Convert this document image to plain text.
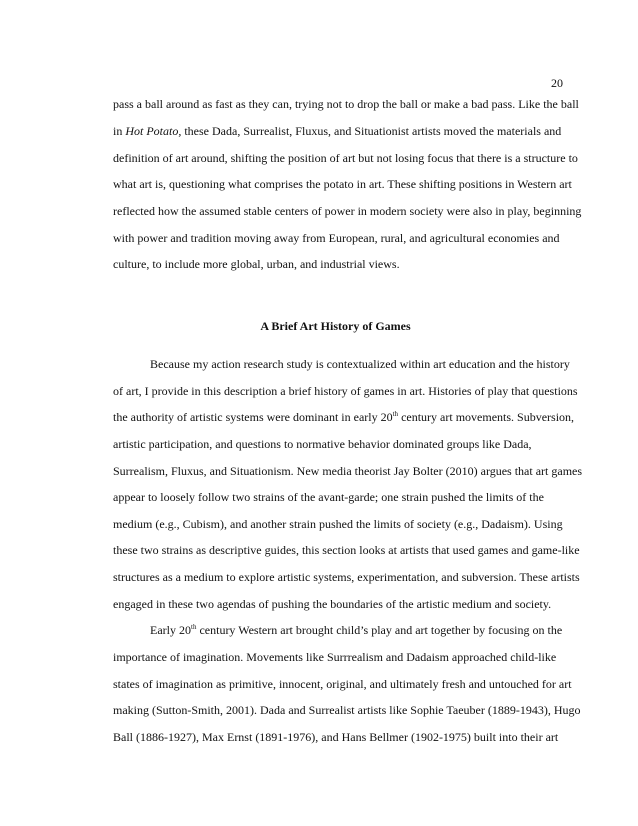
20
pass a ball around as fast as they can, trying not to drop the ball or make a bad pass. Like the ball
in Hot Potato, these Dada, Surrealist, Fluxus, and Situationist artists moved the materials and
definition of art around, shifting the position of art but not losing focus that there is a structure to
what art is, questioning what comprises the potato in art. These shifting positions in Western art
reflected how the assumed stable centers of power in modern society were also in play, beginning
with power and tradition moving away from European, rural, and agricultural economies and
culture, to include more global, urban, and industrial views.
A Brief Art History of Games
Because my action research study is contextualized within art education and the history
of art, I provide in this description a brief history of games in art. Histories of play that questions
the authority of artistic systems were dominant in early 20th century art movements. Subversion,
artistic participation, and questions to normative behavior dominated groups like Dada,
Surrealism, Fluxus, and Situationism. New media theorist Jay Bolter (2010) argues that art games
appear to loosely follow two strains of the avant-garde; one strain pushed the limits of the
medium (e.g., Cubism), and another strain pushed the limits of society (e.g., Dadaism). Using
these two strains as descriptive guides, this section looks at artists that used games and game-like
structures as a medium to explore artistic systems, experimentation, and subversion. These artists
engaged in these two agendas of pushing the boundaries of the artistic medium and society.
Early 20th century Western art brought child’s play and art together by focusing on the
importance of imagination. Movements like Surrrealism and Dadaism approached child-like
states of imagination as primitive, innocent, original, and ultimately fresh and untouched for art
making (Sutton-Smith, 2001). Dada and Surrealist artists like Sophie Taeuber (1889-1943), Hugo
Ball (1886-1927), Max Ernst (1891-1976), and Hans Bellmer (1902-1975) built into their art
